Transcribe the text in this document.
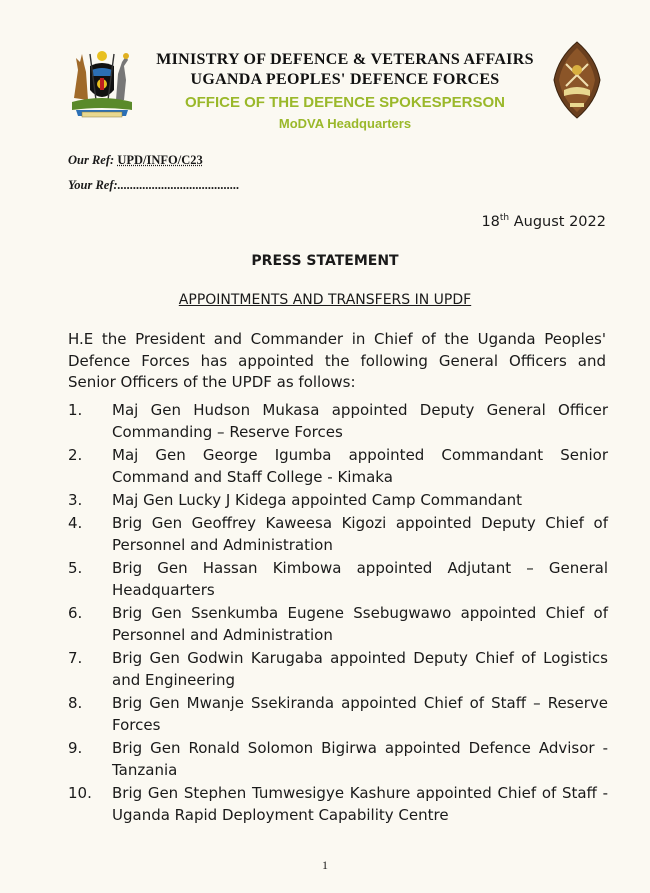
MINISTRY OF DEFENCE & VETERANS AFFAIRS
UGANDA PEOPLES' DEFENCE FORCES
OFFICE OF THE DEFENCE SPOKESPERSON
MoDVA Headquarters
Our Ref: UPD/INFO/C23
Your Ref:.......................................
18th August 2022
PRESS STATEMENT
APPOINTMENTS AND TRANSFERS IN UPDF
H.E the President and Commander in Chief of the Uganda Peoples' Defence Forces has appointed the following General Officers and Senior Officers of the UPDF as follows:
1.	Maj Gen Hudson Mukasa appointed Deputy General Officer Commanding – Reserve Forces
2.	Maj Gen George Igumba appointed Commandant Senior Command and Staff College - Kimaka
3.	Maj Gen Lucky J Kidega appointed Camp Commandant
4.	Brig Gen Geoffrey Kaweesa Kigozi appointed Deputy Chief of Personnel and Administration
5.	Brig Gen Hassan Kimbowa appointed Adjutant – General Headquarters
6.	Brig Gen Ssenkumba Eugene Ssebugwawo appointed Chief of Personnel and Administration
7.	Brig Gen Godwin Karugaba appointed Deputy Chief of Logistics and Engineering
8.	Brig Gen Mwanje Ssekiranda appointed Chief of Staff – Reserve Forces
9.	Brig Gen Ronald Solomon Bigirwa appointed Defence Advisor - Tanzania
10.	Brig Gen Stephen Tumwesigye Kashure appointed Chief of Staff - Uganda Rapid Deployment Capability Centre
1
